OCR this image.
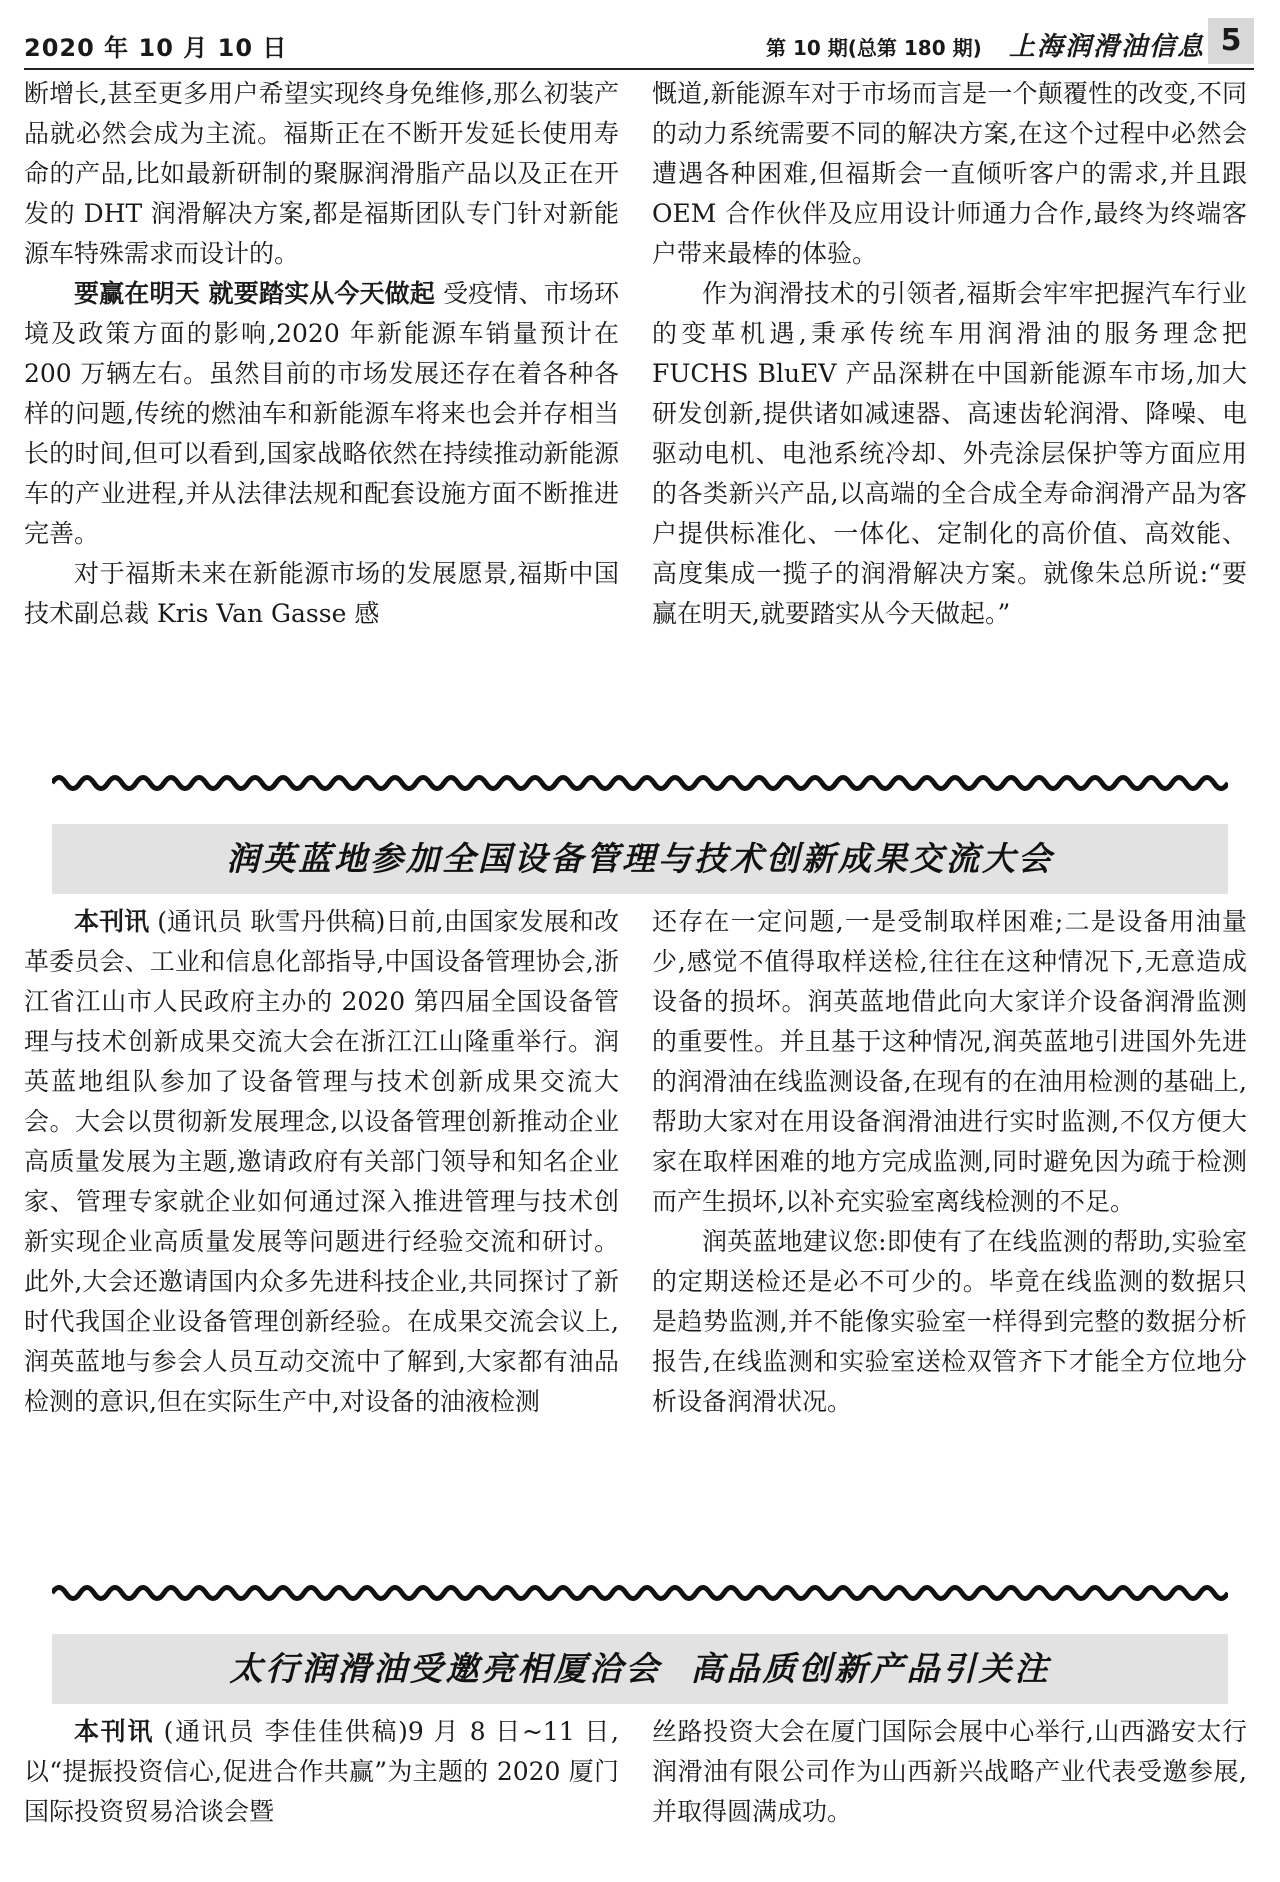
2020 年 10 月 10 日	第 10 期(总第 180 期) 上海润滑油信息 5

断增长,甚至更多用户希望实现终身免维修,那么初装产品就必然会成为主流。福斯正在不断开发延长使用寿命的产品,比如最新研制的聚脲润滑脂产品以及正在开发的 DHT 润滑解决方案,都是福斯团队专门针对新能源车特殊需求而设计的。

要赢在明天 就要踏实从今天做起 受疫情、市场环境及政策方面的影响,2020 年新能源车销量预计在 200 万辆左右。虽然目前的市场发展还存在着各种各样的问题,传统的燃油车和新能源车将来也会并存相当长的时间,但可以看到,国家战略依然在持续推动新能源车的产业进程,并从法律法规和配套设施方面不断推进完善。

对于福斯未来在新能源市场的发展愿景,福斯中国技术副总裁 Kris Van Gasse 感

慨道,新能源车对于市场而言是一个颠覆性的改变,不同的动力系统需要不同的解决方案,在这个过程中必然会遭遇各种困难,但福斯会一直倾听客户的需求,并且跟 OEM 合作伙伴及应用设计师通力合作,最终为终端客户带来最棒的体验。

作为润滑技术的引领者,福斯会牢牢把握汽车行业的变革机遇,秉承传统车用润滑油的服务理念把 FUCHS BluEV 产品深耕在中国新能源车市场,加大研发创新,提供诸如减速器、高速齿轮润滑、降噪、电驱动电机、电池系统冷却、外壳涂层保护等方面应用的各类新兴产品,以高端的全合成全寿命润滑产品为客户提供标准化、一体化、定制化的高价值、高效能、高度集成一揽子的润滑解决方案。就像朱总所说:“要赢在明天,就要踏实从今天做起。”

润英蓝地参加全国设备管理与技术创新成果交流大会

本刊讯 (通讯员 耿雪丹供稿)日前,由国家发展和改革委员会、工业和信息化部指导,中国设备管理协会,浙江省江山市人民政府主办的 2020 第四届全国设备管理与技术创新成果交流大会在浙江江山隆重举行。润英蓝地组队参加了设备管理与技术创新成果交流大会。大会以贯彻新发展理念,以设备管理创新推动企业高质量发展为主题,邀请政府有关部门领导和知名企业家、管理专家就企业如何通过深入推进管理与技术创新实现企业高质量发展等问题进行经验交流和研讨。此外,大会还邀请国内众多先进科技企业,共同探讨了新时代我国企业设备管理创新经验。在成果交流会议上,润英蓝地与参会人员互动交流中了解到,大家都有油品检测的意识,但在实际生产中,对设备的油液检测

还存在一定问题,一是受制取样困难;二是设备用油量少,感觉不值得取样送检,往往在这种情况下,无意造成设备的损坏。润英蓝地借此向大家详介设备润滑监测的重要性。并且基于这种情况,润英蓝地引进国外先进的润滑油在线监测设备,在现有的在油用检测的基础上,帮助大家对在用设备润滑油进行实时监测,不仅方便大家在取样困难的地方完成监测,同时避免因为疏于检测而产生损坏,以补充实验室离线检测的不足。

润英蓝地建议您:即使有了在线监测的帮助,实验室的定期送检还是必不可少的。毕竟在线监测的数据只是趋势监测,并不能像实验室一样得到完整的数据分析报告,在线监测和实验室送检双管齐下才能全方位地分析设备润滑状况。

太行润滑油受邀亮相厦洽会  高品质创新产品引关注

本刊讯 (通讯员 李佳佳供稿)9 月 8 日~11 日,以“提振投资信心,促进合作共赢”为主题的 2020 厦门国际投资贸易洽谈会暨

丝路投资大会在厦门国际会展中心举行,山西潞安太行润滑油有限公司作为山西新兴战略产业代表受邀参展,并取得圆满成功。
